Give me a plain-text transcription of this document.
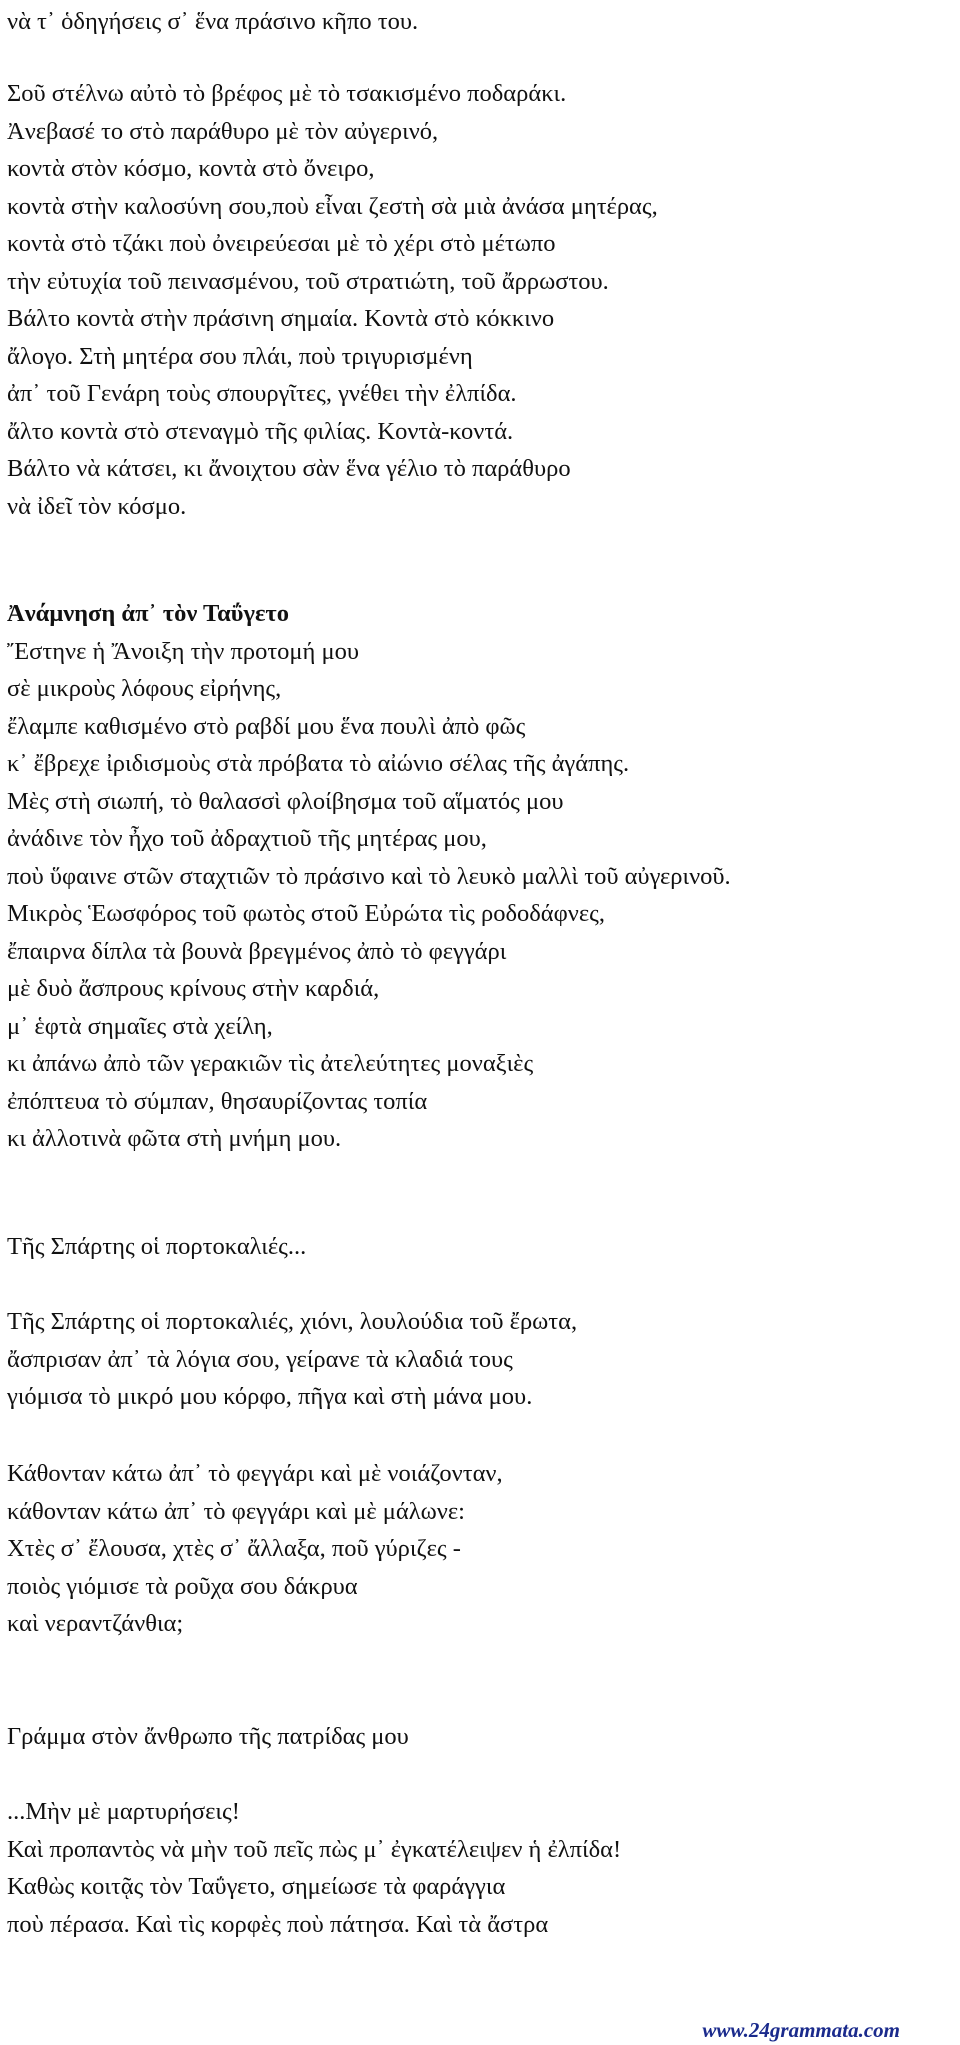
νὰ τ᾿ ὁδηγήσεις σ᾿ ἕνα πράσινο κῆπο του.
Σοῦ στέλνω αὐτὸ τὸ βρέφος μὲ τὸ τσακισμένο ποδαράκι.
Ἀνεβασέ το στὸ παράθυρο μὲ τὸν αὐγερινό,
κοντὰ στὸν κόσμο, κοντὰ στὸ ὄνειρο,
κοντὰ στὴν καλοσύνη σου,ποὺ εἶναι ζεστὴ σὰ μιὰ ἀνάσα μητέρας,
κοντὰ στὸ τζάκι ποὺ ὀνειρεύεσαι μὲ τὸ χέρι στὸ μέτωπο
τὴν εὐτυχία τοῦ πεινασμένου, τοῦ στρατιώτη, τοῦ ἄρρωστου.
Βάλτο κοντὰ στὴν πράσινη σημαία. Κοντὰ στὸ κόκκινο
ἄλογο. Στὴ μητέρα σου πλάι, ποὺ τριγυρισμένη
ἀπ᾿ τοῦ Γενάρη τοὺς σπουργῖτες, γνέθει τὴν ἐλπίδα.
ἄλτο κοντὰ στὸ στεναγμὸ τῆς φιλίας. Κοντὰ-κοντά.
Βάλτο νὰ κάτσει, κι ἄνοιχτου σὰν ἕνα γέλιο τὸ παράθυρο
νὰ ἰδεῖ τὸν κόσμο.
Ἀνάμνηση ἀπ᾿ τὸν Ταΰγετο
Ἔστηνε ἡ Ἄνοιξη τὴν προτομή μου
σὲ μικροὺς λόφους εἰρήνης,
ἔλαμπε καθισμένο στὸ ραβδί μου ἕνα πουλὶ ἀπὸ φῶς
κ᾿ ἔβρεχε ἰριδισμοὺς στὰ πρόβατα τὸ αἰώνιο σέλας τῆς ἀγάπης.
Μὲς στὴ σιωπή, τὸ θαλασσὶ φλοίβησμα τοῦ αἵματός μου
ἀνάδινε τὸν ἦχο τοῦ ἀδραχτιοῦ τῆς μητέρας μου,
ποὺ ὕφαινε στῶν σταχτιῶν τὸ πράσινο καὶ τὸ λευκὸ μαλλὶ τοῦ αὐγερινοῦ.
Μικρὸς Ἑωσφόρος τοῦ φωτὸς στοῦ Εὐρώτα τὶς ροδοδάφνες,
ἔπαιρνα δίπλα τὰ βουνὰ βρεγμένος ἀπὸ τὸ φεγγάρι
μὲ δυὸ ἄσπρους κρίνους στὴν καρδιά,
μ᾿ ἑφτὰ σημαῖες στὰ χείλη,
κι ἀπάνω ἀπὸ τῶν γερακιῶν τὶς ἀτελεύτητες μοναξιὲς
ἐπόπτευα τὸ σύμπαν, θησαυρίζοντας τοπία
κι ἀλλοτινὰ φῶτα στὴ μνήμη μου.
Τῆς Σπάρτης οἱ πορτοκαλιές...
Τῆς Σπάρτης οἱ πορτοκαλιές, χιόνι, λουλούδια τοῦ ἔρωτα,
ἄσπρισαν ἀπ᾿ τὰ λόγια σου, γείρανε τὰ κλαδιά τους
γιόμισα τὸ μικρό μου κόρφο, πῆγα καὶ στὴ μάνα μου.
Κάθονταν κάτω ἀπ᾿ τὸ φεγγάρι καὶ μὲ νοιάζονταν,
κάθονταν κάτω ἀπ᾿ τὸ φεγγάρι καὶ μὲ μάλωνε:
Χτὲς σ᾿ ἔλουσα, χτὲς σ᾿ ἄλλαξα, ποῦ γύριζες -
ποιὸς γιόμισε τὰ ροῦχα σου δάκρυα
καὶ νεραντζάνθια;
Γράμμα στὸν ἄνθρωπο τῆς πατρίδας μου
...Μὴν μὲ μαρτυρήσεις!
Καὶ προπαντὸς νὰ μὴν τοῦ πεῖς πὼς μ᾿ ἐγκατέλειψεν ἡ ἐλπίδα!
Καθὼς κοιτᾷς τὸν Ταΰγετο, σημείωσε τὰ φαράγγια
ποὺ πέρασα. Καὶ τὶς κορφὲς ποὺ πάτησα. Καὶ τὰ ἄστρα
www.24grammata.com
